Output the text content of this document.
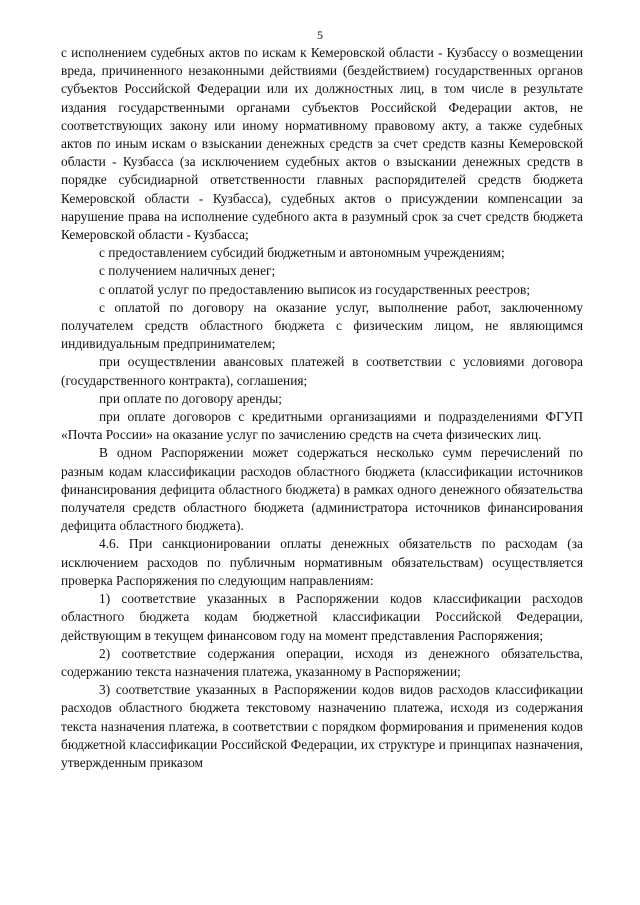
5

с исполнением судебных актов по искам к Кемеровской области - Кузбассу о возмещении вреда, причиненного незаконными действиями (бездействием) государственных органов субъектов Российской Федерации или их должностных лиц, в том числе в результате издания государственными органами субъектов Российской Федерации актов, не соответствующих закону или иному нормативному правовому акту, а также судебных актов по иным искам о взыскании денежных средств за счет средств казны Кемеровской области - Кузбасса (за исключением судебных актов о взыскании денежных средств в порядке субсидиарной ответственности главных распорядителей средств бюджета Кемеровской области - Кузбасса), судебных актов о присуждении компенсации за нарушение права на исполнение судебного акта в разумный срок за счет средств бюджета Кемеровской области - Кузбасса;

с предоставлением субсидий бюджетным и автономным учреждениям;

с получением наличных денег;

с оплатой услуг по предоставлению выписок из государственных реестров;

с оплатой по договору на оказание услуг, выполнение работ, заключенному получателем средств областного бюджета с физическим лицом, не являющимся индивидуальным предпринимателем;

при осуществлении авансовых платежей в соответствии с условиями договора (государственного контракта), соглашения;

при оплате по договору аренды;

при оплате договоров с кредитными организациями и подразделениями ФГУП «Почта России» на оказание услуг по зачислению средств на счета физических лиц.

В одном Распоряжении может содержаться несколько сумм перечислений по разным кодам классификации расходов областного бюджета (классификации источников финансирования дефицита областного бюджета) в рамках одного денежного обязательства получателя средств областного бюджета (администратора источников финансирования дефицита областного бюджета).

4.6. При санкционировании оплаты денежных обязательств по расходам (за исключением расходов по публичным нормативным обязательствам) осуществляется проверка Распоряжения по следующим направлениям:

1) соответствие указанных в Распоряжении кодов классификации расходов областного бюджета кодам бюджетной классификации Российской Федерации, действующим в текущем финансовом году на момент представления Распоряжения;

2) соответствие содержания операции, исходя из денежного обязательства, содержанию текста назначения платежа, указанному в Распоряжении;

3) соответствие указанных в Распоряжении кодов видов расходов классификации расходов областного бюджета текстовому назначению платежа, исходя из содержания текста назначения платежа, в соответствии с порядком формирования и применения кодов бюджетной классификации Российской Федерации, их структуре и принципах назначения, утвержденным приказом
